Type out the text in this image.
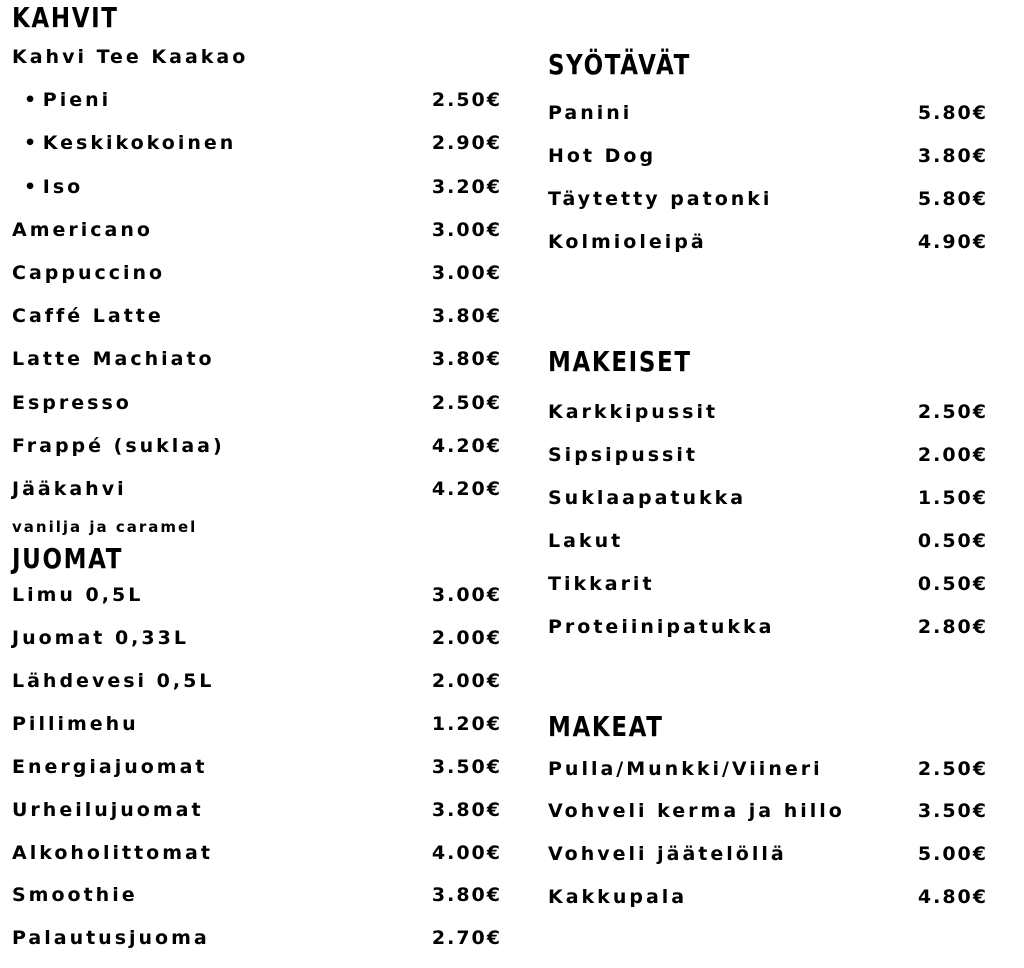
KAHVIT
Kahvi Tee Kaakao
• Pieni	2.50€
• Keskikokoinen	2.90€
• Iso	3.20€
Americano	3.00€
Cappuccino	3.00€
Caffé Latte	3.80€
Latte Machiato	3.80€
Espresso	2.50€
Frappé (suklaa)	4.20€
Jääkahvi	4.20€
vanilja ja caramel
JUOMAT
Limu 0,5L	3.00€
Juomat 0,33L	2.00€
Lähdevesi 0,5L	2.00€
Pillimehu	1.20€
Energiajuomat	3.50€
Urheilujuomat	3.80€
Alkoholittomat	4.00€
Smoothie	3.80€
Palautusjuoma	2.70€
SYÖTÄVÄT
Panini	5.80€
Hot Dog	3.80€
Täytetty patonki	5.80€
Kolmioleipä	4.90€
MAKEISET
Karkkipussit	2.50€
Sipsipussit	2.00€
Suklaapatukka	1.50€
Lakut	0.50€
Tikkarit	0.50€
Proteiinipatukka	2.80€
MAKEAT
Pulla/Munkki/Viineri	2.50€
Vohveli kerma ja hillo	3.50€
Vohveli jäätelöllä	5.00€
Kakkupala	4.80€
